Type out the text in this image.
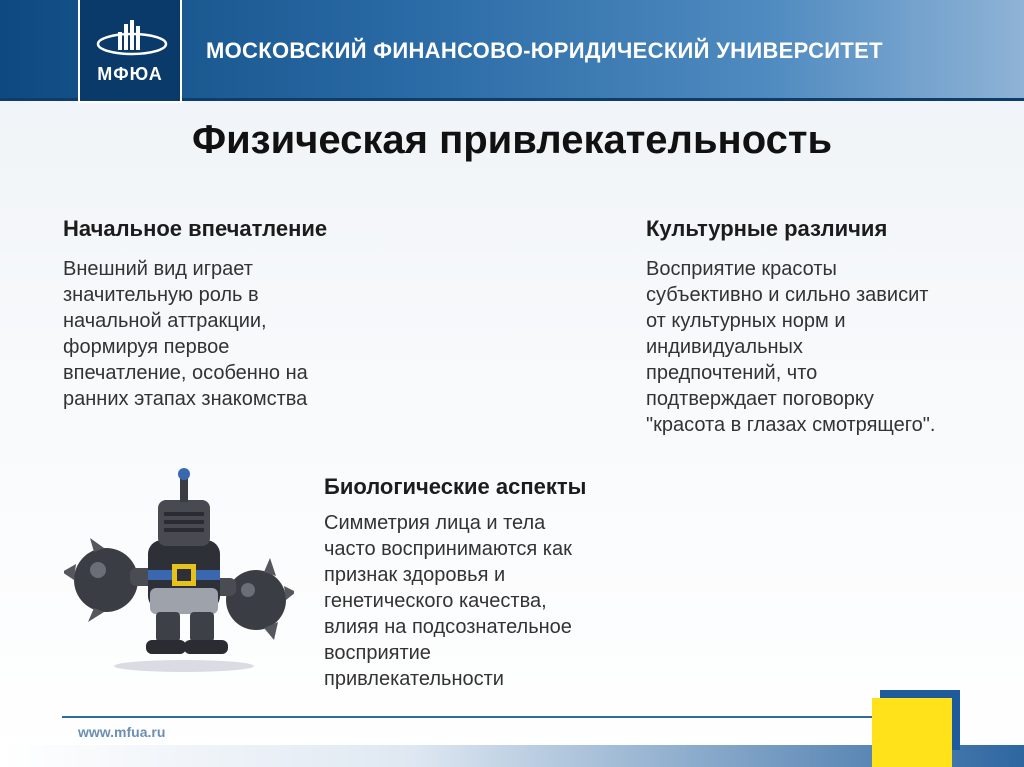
МФЮА
МОСКОВСКИЙ ФИНАНСОВО-ЮРИДИЧЕСКИЙ УНИВЕРСИТЕТ
Физическая привлекательность
Начальное впечатление
Внешний вид играет
значительную роль в
начальной аттракции,
формируя первое
впечатление, особенно на
ранних этапах знакомства
Культурные различия
Восприятие красоты
субъективно и сильно зависит
от культурных норм и
индивидуальных
предпочтений, что
подтверждает поговорку
"красота в глазах смотрящего".
Биологические аспекты
Симметрия лица и тела
часто воспринимаются как
признак здоровья и
генетического качества,
влияя на подсознательное
восприятие
привлекательности
www.mfua.ru
